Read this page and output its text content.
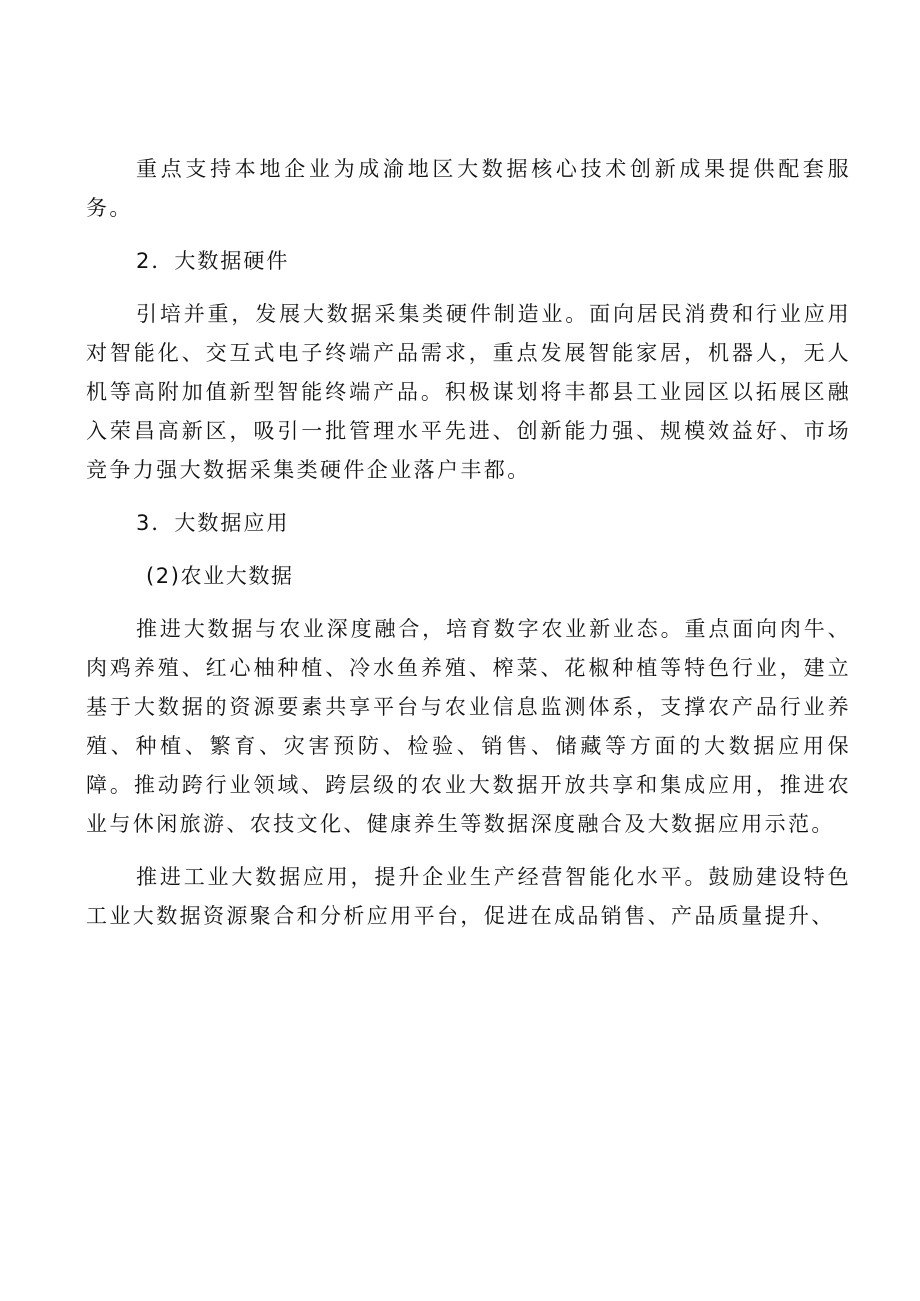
重点支持本地企业为成渝地区大数据核心技术创新成果提供配套服务。

2．大数据硬件

引培并重，发展大数据采集类硬件制造业。面向居民消费和行业应用对智能化、交互式电子终端产品需求，重点发展智能家居，机器人，无人机等高附加值新型智能终端产品。积极谋划将丰都县工业园区以拓展区融入荣昌高新区，吸引一批管理水平先进、创新能力强、规模效益好、市场竞争力强大数据采集类硬件企业落户丰都。

3．大数据应用

(2)农业大数据

推进大数据与农业深度融合，培育数字农业新业态。重点面向肉牛、肉鸡养殖、红心柚种植、冷水鱼养殖、榨菜、花椒种植等特色行业，建立基于大数据的资源要素共享平台与农业信息监测体系，支撑农产品行业养殖、种植、繁育、灾害预防、检验、销售、储藏等方面的大数据应用保障。推动跨行业领域、跨层级的农业大数据开放共享和集成应用，推进农业与休闲旅游、农技文化、健康养生等数据深度融合及大数据应用示范。

推进工业大数据应用，提升企业生产经营智能化水平。鼓励建设特色工业大数据资源聚合和分析应用平台，促进在成品销售、产品质量提升、
